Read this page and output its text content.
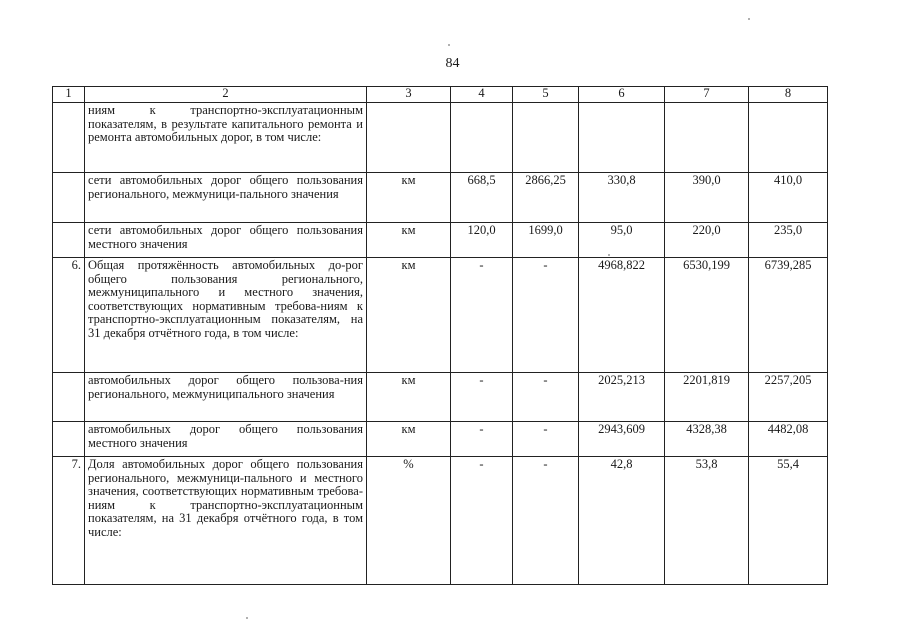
84
1	2	3	4	5	6	7	8
	ниям к транспортно-эксплуатационным показателям, в результате капитального ремонта и ремонта автомобильных дорог, в том числе:						
	сети автомобильных дорог общего пользования регионального, межмуници-пального значения	км	668,5	2866,25	330,8	390,0	410,0
	сети автомобильных дорог общего пользования местного значения	км	120,0	1699,0	95,0	220,0	235,0
6.	Общая протяжённость автомобильных до-рог общего пользования регионального, межмуниципального и местного значения, соответствующих нормативным требова-ниям к транспортно-эксплуатационным показателям, на 31 декабря отчётного года, в том числе:	км	-	-	4968,822	6530,199	6739,285
	автомобильных дорог общего пользова-ния регионального, межмуниципального значения	км	-	-	2025,213	2201,819	2257,205
	автомобильных дорог общего пользования местного значения	км	-	-	2943,609	4328,38	4482,08
7.	Доля автомобильных дорог общего пользования регионального, межмуници-пального и местного значения, соответствующих нормативным требова-ниям к транспортно-эксплуатационным показателям, на 31 декабря отчётного года, в том числе:	%	-	-	42,8	53,8	55,4
